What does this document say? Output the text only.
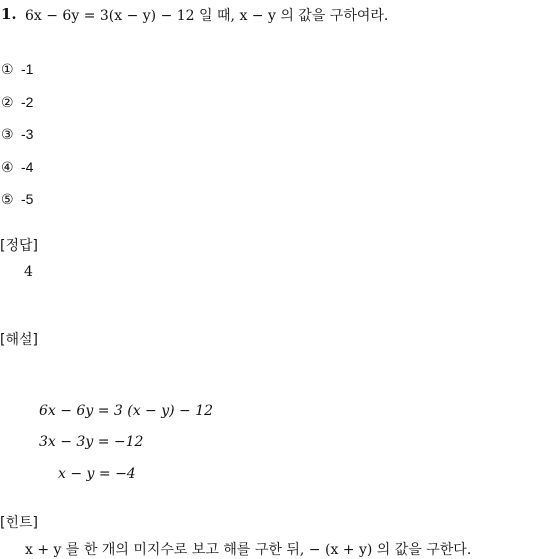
1. 6x − 6y = 3(x − y) − 12 일 때, x − y 의 값을 구하여라.
① -1
② -2
③ -3
④ -4
⑤ -5
[정답]
4
[해설]
6x − 6y = 3 (x − y) − 12
3x − 3y = −12
x − y = −4
[힌트]
x + y 를 한 개의 미지수로 보고 해를 구한 뒤, − (x + y) 의 값을 구한다.
